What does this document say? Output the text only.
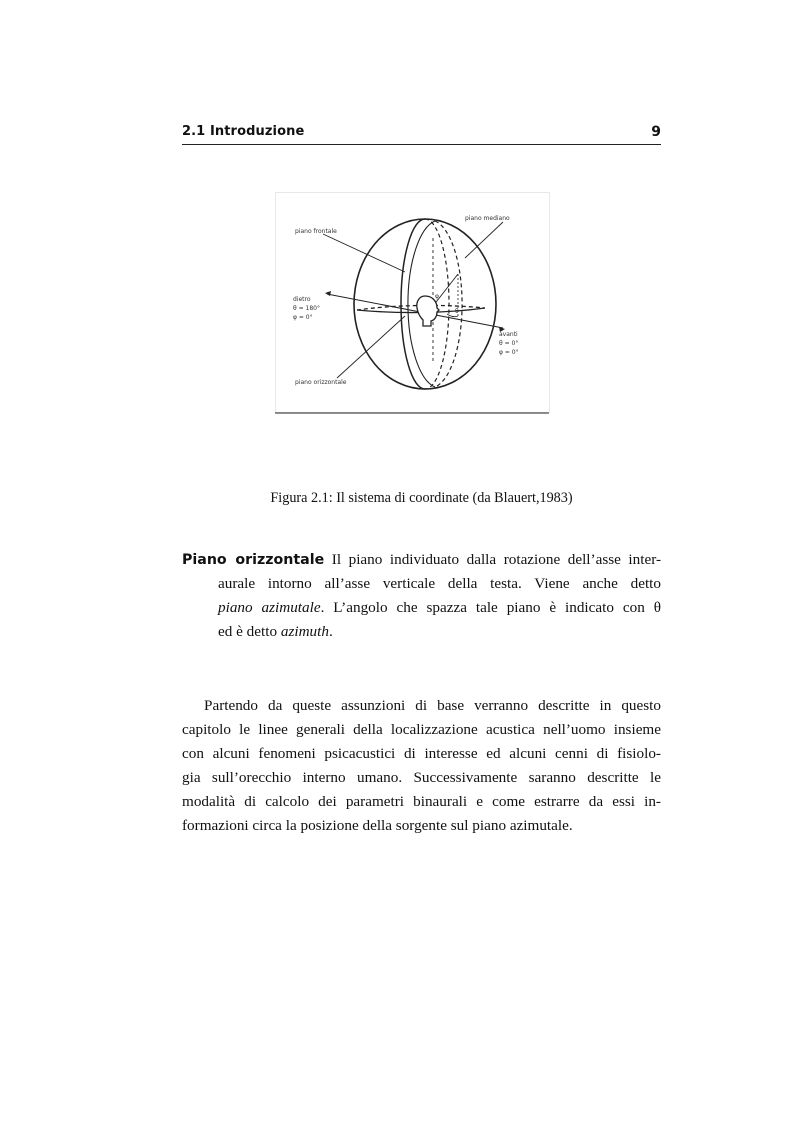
2.1 Introduzione	9
piano frontale
piano mediano
dietro
θ = 180°
φ = 0°
avanti
θ = 0°
φ = 0°
piano orizzontale
r
φ
θ
Figura 2.1: Il sistema di coordinate (da Blauert,1983)
Piano orizzontale Il piano individuato dalla rotazione dell’asse inter-
aurale intorno all’asse verticale della testa. Viene anche detto
piano azimutale. L’angolo che spazza tale piano è indicato con θ
ed è detto azimuth.
Partendo da queste assunzioni di base verranno descritte in questo
capitolo le linee generali della localizzazione acustica nell’uomo insieme
con alcuni fenomeni psicacustici di interesse ed alcuni cenni di fisiolo-
gia sull’orecchio interno umano. Successivamente saranno descritte le
modalità di calcolo dei parametri binaurali e come estrarre da essi in-
formazioni circa la posizione della sorgente sul piano azimutale.
